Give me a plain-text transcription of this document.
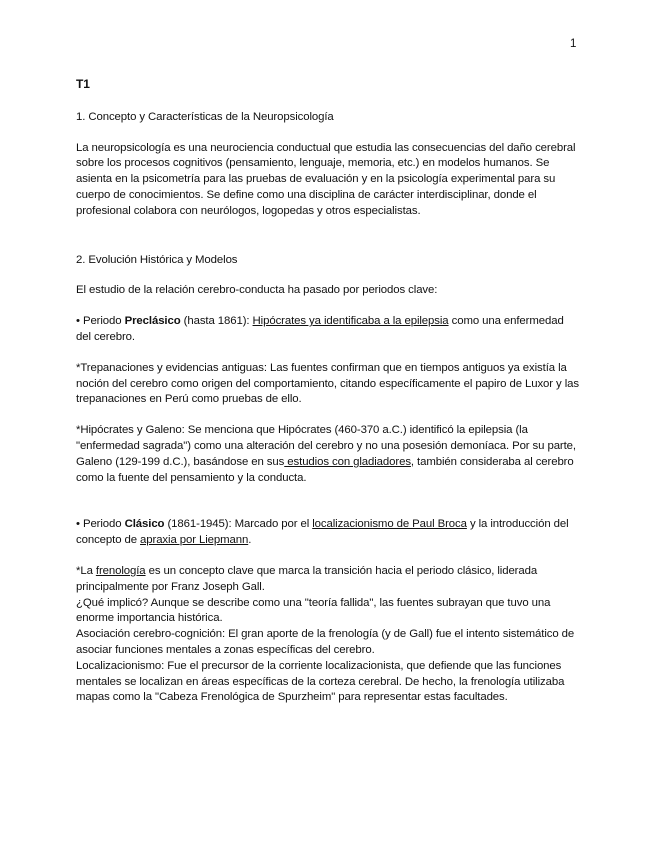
1

T1

1. Concepto y Características de la Neuropsicología

La neuropsicología es una neurociencia conductual que estudia las consecuencias del daño cerebral sobre los procesos cognitivos (pensamiento, lenguaje, memoria, etc.) en modelos humanos. Se asienta en la psicometría para las pruebas de evaluación y en la psicología experimental para su cuerpo de conocimientos. Se define como una disciplina de carácter interdisciplinar, donde el profesional colabora con neurólogos, logopedas y otros especialistas.

2. Evolución Histórica y Modelos

El estudio de la relación cerebro-conducta ha pasado por periodos clave:

• Periodo Preclásico (hasta 1861): Hipócrates ya identificaba a la epilepsia como una enfermedad del cerebro.

*Trepanaciones y evidencias antiguas: Las fuentes confirman que en tiempos antiguos ya existía la noción del cerebro como origen del comportamiento, citando específicamente el papiro de Luxor y las trepanaciones en Perú como pruebas de ello.

*Hipócrates y Galeno: Se menciona que Hipócrates (460-370 a.C.) identificó la epilepsia (la "enfermedad sagrada") como una alteración del cerebro y no una posesión demoníaca. Por su parte, Galeno (129-199 d.C.), basándose en sus estudios con gladiadores, también consideraba al cerebro como la fuente del pensamiento y la conducta.

• Periodo Clásico (1861-1945): Marcado por el localizacionismo de Paul Broca y la introducción del concepto de apraxia por Liepmann.

*La frenología es un concepto clave que marca la transición hacia el periodo clásico, liderada principalmente por Franz Joseph Gall.

¿Qué implicó? Aunque se describe como una "teoría fallida", las fuentes subrayan que tuvo una enorme importancia histórica.

Asociación cerebro-cognición: El gran aporte de la frenología (y de Gall) fue el intento sistemático de asociar funciones mentales a zonas específicas del cerebro.

Localizacionismo: Fue el precursor de la corriente localizacionista, que defiende que las funciones mentales se localizan en áreas específicas de la corteza cerebral. De hecho, la frenología utilizaba mapas como la "Cabeza Frenológica de Spurzheim" para representar estas facultades.
